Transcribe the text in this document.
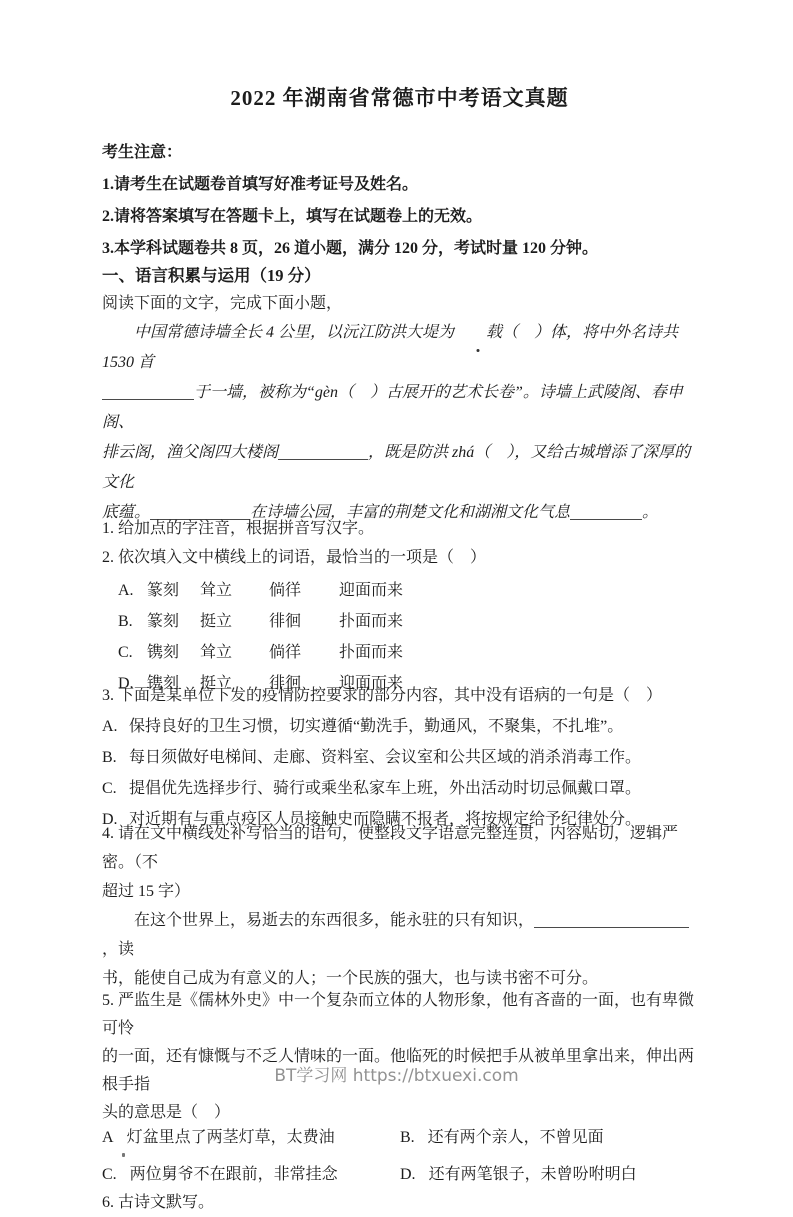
2022 年湖南省常德市中考语文真题

考生注意：

1.请考生在试题卷首填写好准考证号及姓名。

2.请将答案填写在答题卡上，填写在试题卷上的无效。

3.本学科试题卷共 8 页，26 道小题，满分 120 分，考试时量 120 分钟。

一、语言积累与运用（19 分）

阅读下面的文字，完成下面小题，

中国常德诗墙全长 4 公里，以沅江防洪大堤为 载（　）体，将中外名诗共 1530 首

于一墙，被称为“gèn（　）古展开的艺术长卷”。诗墙上武陵阁、春申阁、

排云阁，渔父阁四大楼阁	，既是防洪 zhá（　），又给古城增添了深厚的文化

底蕴。	在诗墙公园，丰富的荆楚文化和湖湘文化气息	。

1. 给加点的字注音，根据拼音写汉字。

2. 依次填入文中横线上的词语，最恰当的一项是（　）

A. 篆刻	耸立	倘徉	迎面而来
B. 篆刻	挺立	徘徊	扑面而来
C. 镌刻	耸立	倘徉	扑面而来
D. 镌刻	挺立	徘徊	迎面而来

3. 下面是某单位下发的疫情防控要求的部分内容，其中没有语病的一句是（　）

A. 保持良好的卫生习惯，切实遵循“勤洗手，勤通风，不聚集，不扎堆”。
B. 每日须做好电梯间、走廊、资料室、会议室和公共区域的消杀消毒工作。
C. 提倡优先选择步行、骑行或乘坐私家车上班，外出活动时切忌佩戴口罩。
D. 对近期有与重点疫区人员接触史而隐瞒不报者，将按规定给予纪律处分。

4. 请在文中横线处补写恰当的语句，使整段文字语意完整连贯，内容贴切，逻辑严密。（不

超过 15 字）

在这个世界上，易逝去的东西很多，能永驻的只有知识，，读

书，能使自己成为有意义的人；一个民族的强大，也与读书密不可分。

5. 严监生是《儒林外史》中一个复杂而立体的人物形象，他有吝啬的一面，也有卑微可怜

的一面，还有慷慨与不乏人情味的一面。他临死的时候把手从被单里拿出来，伸出两根手指

头的意思是（　）

A 灯盆里点了两茎灯草，太费油	B. 还有两个亲人，不曾见面
C. 两位舅爷不在跟前，非常挂念	D. 还有两笔银子，未曾吩咐明白

6. 古诗文默写。

BT学习网 https://btxuexi.com
